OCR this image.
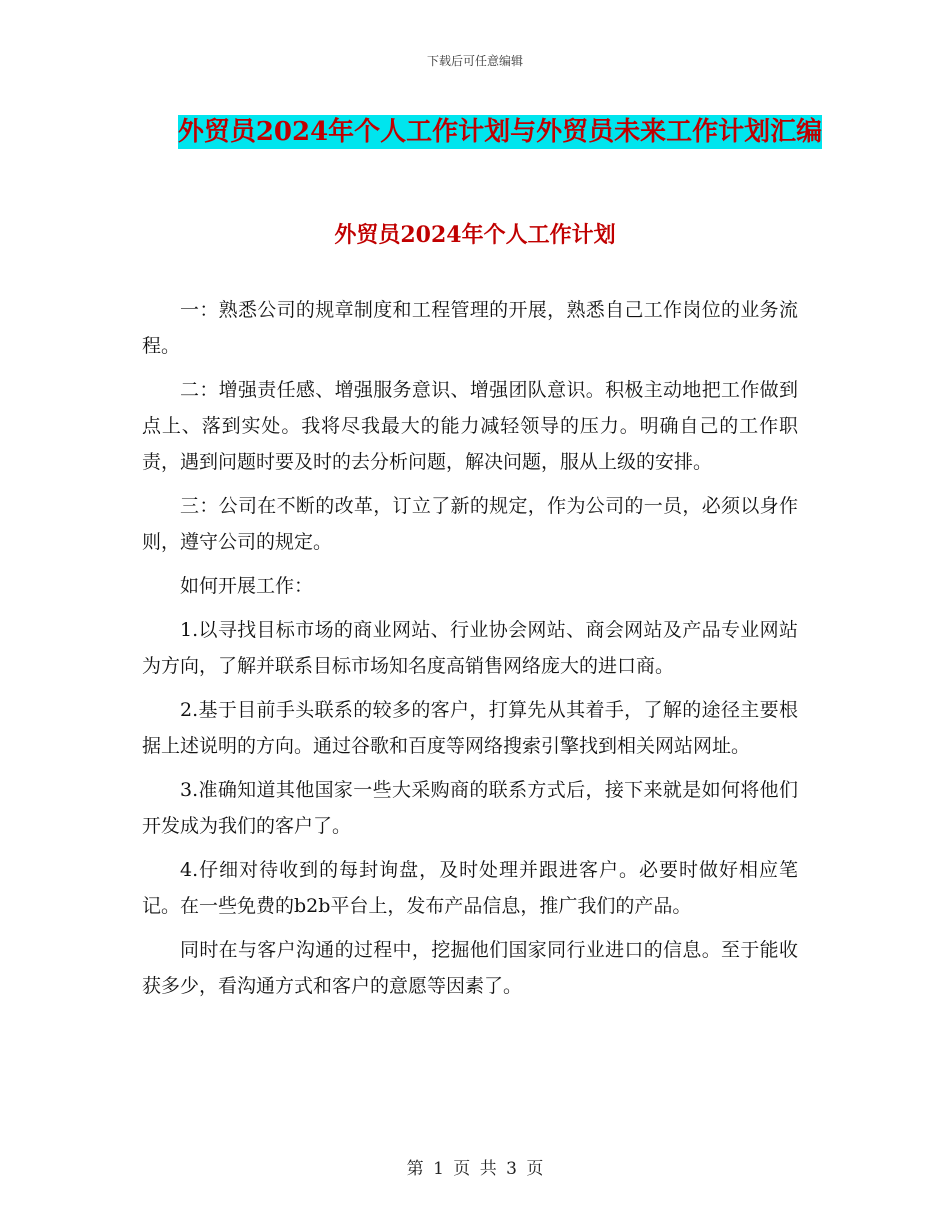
下载后可任意编辑
外贸员2024年个人工作计划与外贸员未来工作计划汇编
外贸员2024年个人工作计划

一：熟悉公司的规章制度和工程管理的开展，熟悉自己工作岗位的业务流程。

二：增强责任感、增强服务意识、增强团队意识。积极主动地把工作做到点上、落到实处。我将尽我最大的能力减轻领导的压力。明确自己的工作职责，遇到问题时要及时的去分析问题，解决问题，服从上级的安排。

三：公司在不断的改革，订立了新的规定，作为公司的一员，必须以身作则，遵守公司的规定。

如何开展工作：

1.以寻找目标市场的商业网站、行业协会网站、商会网站及产品专业网站为方向，了解并联系目标市场知名度高销售网络庞大的进口商。

2.基于目前手头联系的较多的客户，打算先从其着手，了解的途径主要根据上述说明的方向。通过谷歌和百度等网络搜索引擎找到相关网站网址。

3.准确知道其他国家一些大采购商的联系方式后，接下来就是如何将他们开发成为我们的客户了。

4.仔细对待收到的每封询盘，及时处理并跟进客户。必要时做好相应笔记。在一些免费的b2b平台上，发布产品信息，推广我们的产品。

同时在与客户沟通的过程中，挖掘他们国家同行业进口的信息。至于能收获多少，看沟通方式和客户的意愿等因素了。

第 1 页 共 3 页
